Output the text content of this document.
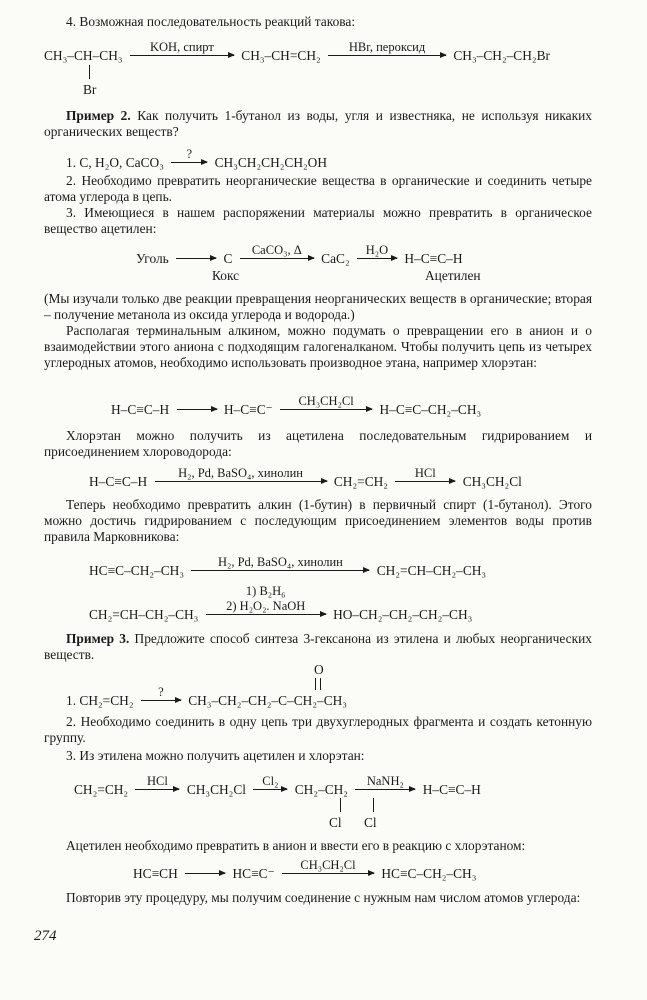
4. Возможная последовательность реакций такова:

CH₃–CH–CH₃
KOH, спирт
CH₃–CH=CH₂
HBr, пероксид
CH₃–CH₂–CH₂Br
Br

Пример 2. Как получить 1-бутанол из воды, угля и известняка, не используя никаких органических веществ?

1. C, H₂O, CaCO₃
?
CH₃CH₂CH₂CH₂OH

2. Необходимо превратить неорганические вещества в органические и соединить четыре атома углерода в цепь.

3. Имеющиеся в нашем распоряжении материалы можно превратить в органическое вещество ацетилен:

Уголь	C
CaCO₃, Δ
CaC₂
H₂O
H–C≡C–H
Кокс	Ацетилен

(Мы изучали только две реакции превращения неорганических веществ в органические; вторая – получение метанола из оксида углерода и водорода.)

Располагая терминальным алкином, можно подумать о превращении его в анион и о взаимодействии этого аниона с подходящим галогеналканом. Чтобы получить цепь из четырех углеродных атомов, необходимо использовать производное этана, например хлорэтан:

H–C≡C–H	H–C≡C⁻
CH₃CH₂Cl
H–C≡C–CH₂–CH₃

Хлорэтан можно получить из ацетилена последовательным гидрированием и присоединением хлороводорода:

H–C≡C–H
H₂, Pd, BaSO₄, хинолин
CH₂=CH₂
HCl
CH₃CH₂Cl

Теперь необходимо превратить алкин (1-бутин) в первичный спирт (1-бутанол). Этого можно достичь гидрированием с последующим присоединением элементов воды против правила Марковникова:

HC≡C–CH₂–CH₃
H₂, Pd, BaSO₄, хинолин
CH₂=CH–CH₂–CH₃
CH₂=CH–CH₂–CH₃
1) B₂H₆
2) H₂O₂. NaOH
HO–CH₂–CH₂–CH₂–CH₃

Пример 3. Предложите способ синтеза 3-гексанона из этилена и любых неорганических веществ.

O
1. CH₂=CH₂
?
CH₃–CH₂–CH₂–C–CH₂–CH₃

2. Необходимо соединить в одну цепь три двухуглеродных фрагмента и создать кетонную группу.

3. Из этилена можно получить ацетилен и хлорэтан:

CH₂=CH₂
HCl
CH₃CH₂Cl
Cl₂
CH₂–CH₂
NaNH₂
H–C≡C–H
Cl Cl

Ацетилен необходимо превратить в анион и ввести его в реакцию с хлорэтаном:

HC≡CH	HC≡C⁻
CH₃CH₂Cl
HC≡C–CH₂–CH₃

Повторив эту процедуру, мы получим соединение с нужным нам числом атомов углерода:

274
